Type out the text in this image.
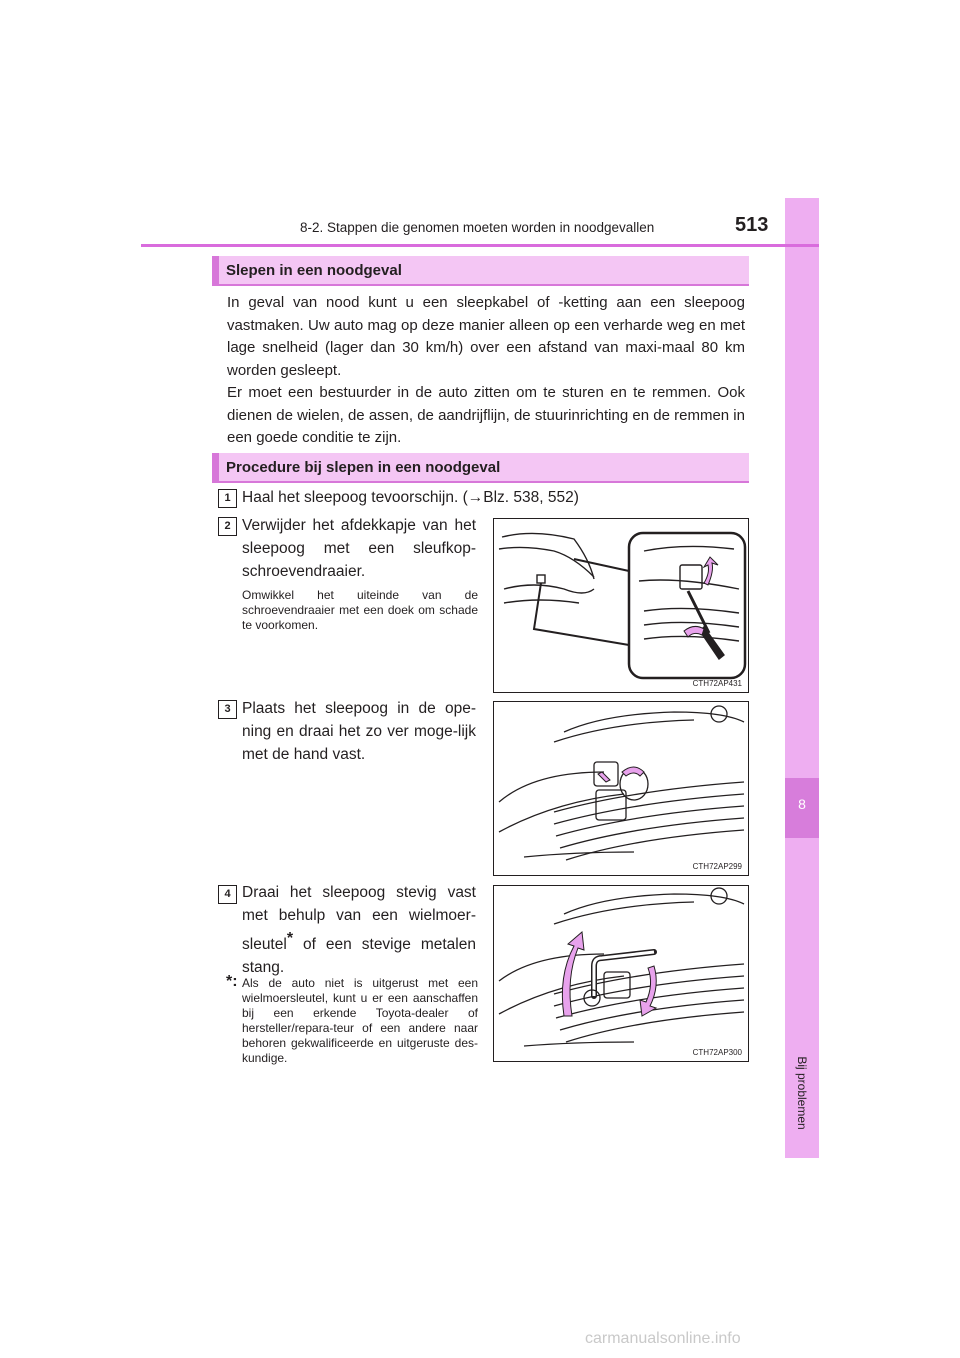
8
Bij problemen
8-2. Stappen die genomen moeten worden in noodgevallen	513
Slepen in een noodgeval
In geval van nood kunt u een sleepkabel of -ketting aan een sleepoog vastmaken. Uw auto mag op deze manier alleen op een verharde weg en met lage snelheid (lager dan 30 km/h) over een afstand van maxi-maal 80 km worden gesleept.
Er moet een bestuurder in de auto zitten om te sturen en te remmen. Ook dienen de wielen, de assen, de aandrijflijn, de stuurinrichting en de remmen in een goede conditie te zijn.
Procedure bij slepen in een noodgeval
1 Haal het sleepoog tevoorschijn. (→Blz. 538, 552)
2 Verwijder het afdekkapje van het sleepoog met een sleufkop-schroevendraaier.
Omwikkel het uiteinde van de schroevendraaier met een doek om schade te voorkomen.
CTH72AP431
3 Plaats het sleepoog in de ope-ning en draai het zo ver moge-lijk met de hand vast.
CTH72AP299
4 Draai het sleepoog stevig vast met behulp van een wielmoer-sleutel* of een stevige metalen stang.
*: Als de auto niet is uitgerust met een wielmoersleutel, kunt u er een aanschaffen bij een erkende Toyota-dealer of hersteller/repara-teur of een andere naar behoren gekwalificeerde en uitgeruste des-kundige.	CTH72AP300
carmanualsonline.info
